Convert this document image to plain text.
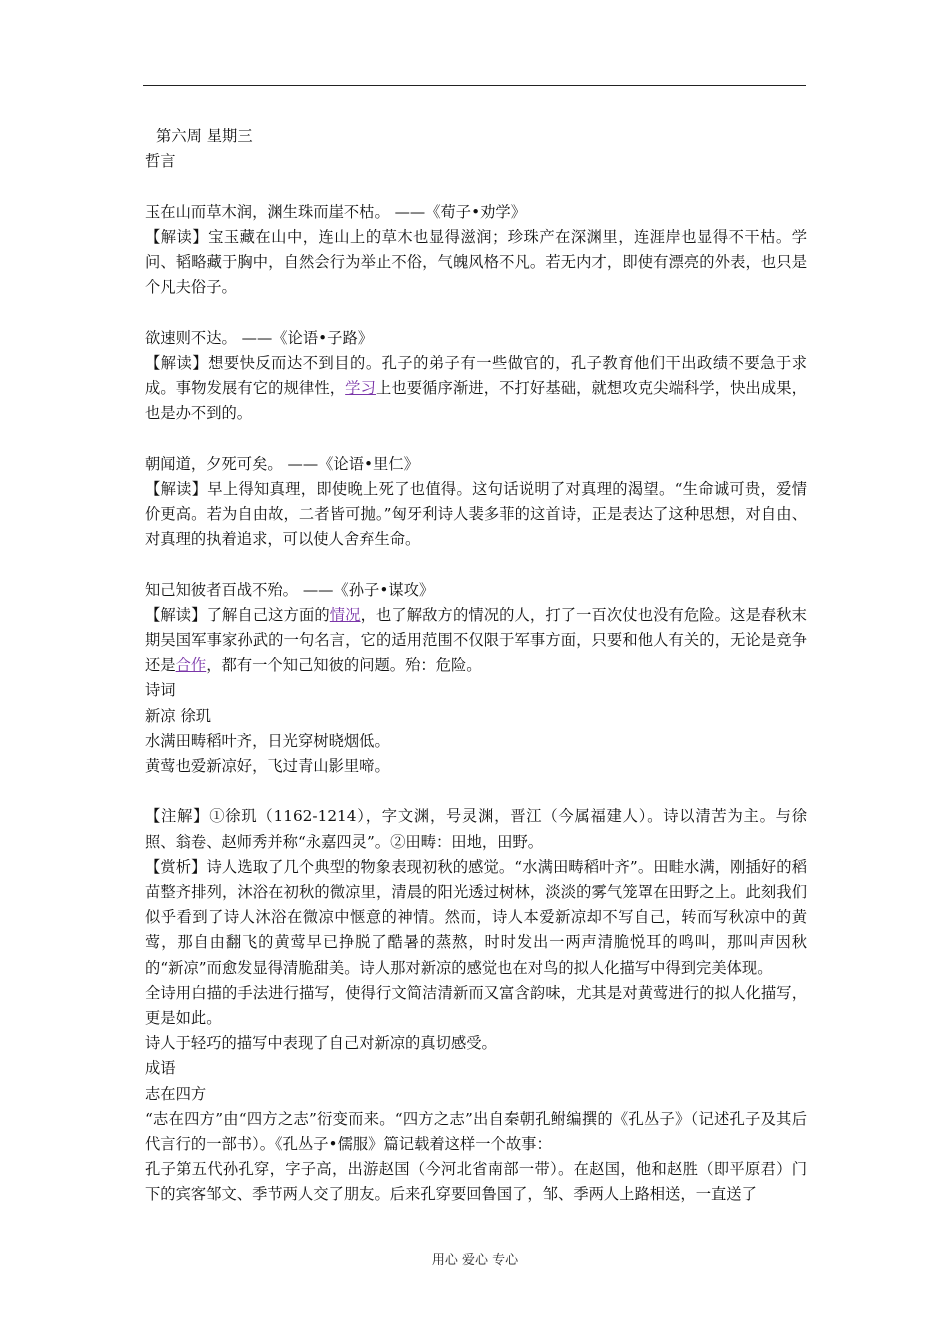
第六周 星期三

哲言

玉在山而草木润，渊生珠而崖不枯。 ——《荀子•劝学》

【解读】宝玉藏在山中，连山上的草木也显得滋润；珍珠产在深渊里，连涯岸也显得不干枯。学问、韬略藏于胸中，自然会行为举止不俗，气魄风格不凡。若无内才，即使有漂亮的外表，也只是个凡夫俗子。

欲速则不达。 ——《论语•子路》

【解读】想要快反而达不到目的。孔子的弟子有一些做官的，孔子教育他们干出政绩不要急于求成。事物发展有它的规律性，学习上也要循序渐进，不打好基础，就想攻克尖端科学，快出成果，也是办不到的。

朝闻道，夕死可矣。 ——《论语•里仁》

【解读】早上得知真理，即使晚上死了也值得。这句话说明了对真理的渴望。“生命诚可贵，爱情价更高。若为自由故，二者皆可抛。”匈牙利诗人裴多菲的这首诗，正是表达了这种思想，对自由、对真理的执着追求，可以使人舍弃生命。

知己知彼者百战不殆。 ——《孙子•谋攻》

【解读】了解自己这方面的情况，也了解敌方的情况的人，打了一百次仗也没有危险。这是春秋末期吴国军事家孙武的一句名言，它的适用范围不仅限于军事方面，只要和他人有关的，无论是竞争还是合作，都有一个知己知彼的问题。殆：危险。

诗词

新凉 徐玑

水满田畴稻叶齐，日光穿树晓烟低。

黄莺也爱新凉好，飞过青山影里啼。

【注解】①徐玑（1162-1214），字文渊，号灵渊，晋江（今属福建人）。诗以清苦为主。与徐照、翁卷、赵师秀并称“永嘉四灵”。②田畴：田地，田野。

【赏析】诗人选取了几个典型的物象表现初秋的感觉。“水满田畴稻叶齐”。田畦水满，刚插好的稻苗整齐排列，沐浴在初秋的微凉里，清晨的阳光透过树林，淡淡的雾气笼罩在田野之上。此刻我们似乎看到了诗人沐浴在微凉中惬意的神情。然而，诗人本爱新凉却不写自己，转而写秋凉中的黄莺，那自由翻飞的黄莺早已挣脱了酷暑的蒸熬，时时发出一两声清脆悦耳的鸣叫，那叫声因秋的“新凉”而愈发显得清脆甜美。诗人那对新凉的感觉也在对鸟的拟人化描写中得到完美体现。

全诗用白描的手法进行描写，使得行文简洁清新而又富含韵味，尤其是对黄莺进行的拟人化描写，更是如此。

诗人于轻巧的描写中表现了自己对新凉的真切感受。

成语

志在四方

“志在四方”由“四方之志”衍变而来。“四方之志”出自秦朝孔鲋编撰的《孔丛子》（记述孔子及其后代言行的一部书）。《孔丛子•儒服》篇记载着这样一个故事：

孔子第五代孙孔穿，字子高，出游赵国（今河北省南部一带）。在赵国，他和赵胜（即平原君）门下的宾客邹文、季节两人交了朋友。后来孔穿要回鲁国了，邹、季两人上路相送，一直送了

用心 爱心 专心
